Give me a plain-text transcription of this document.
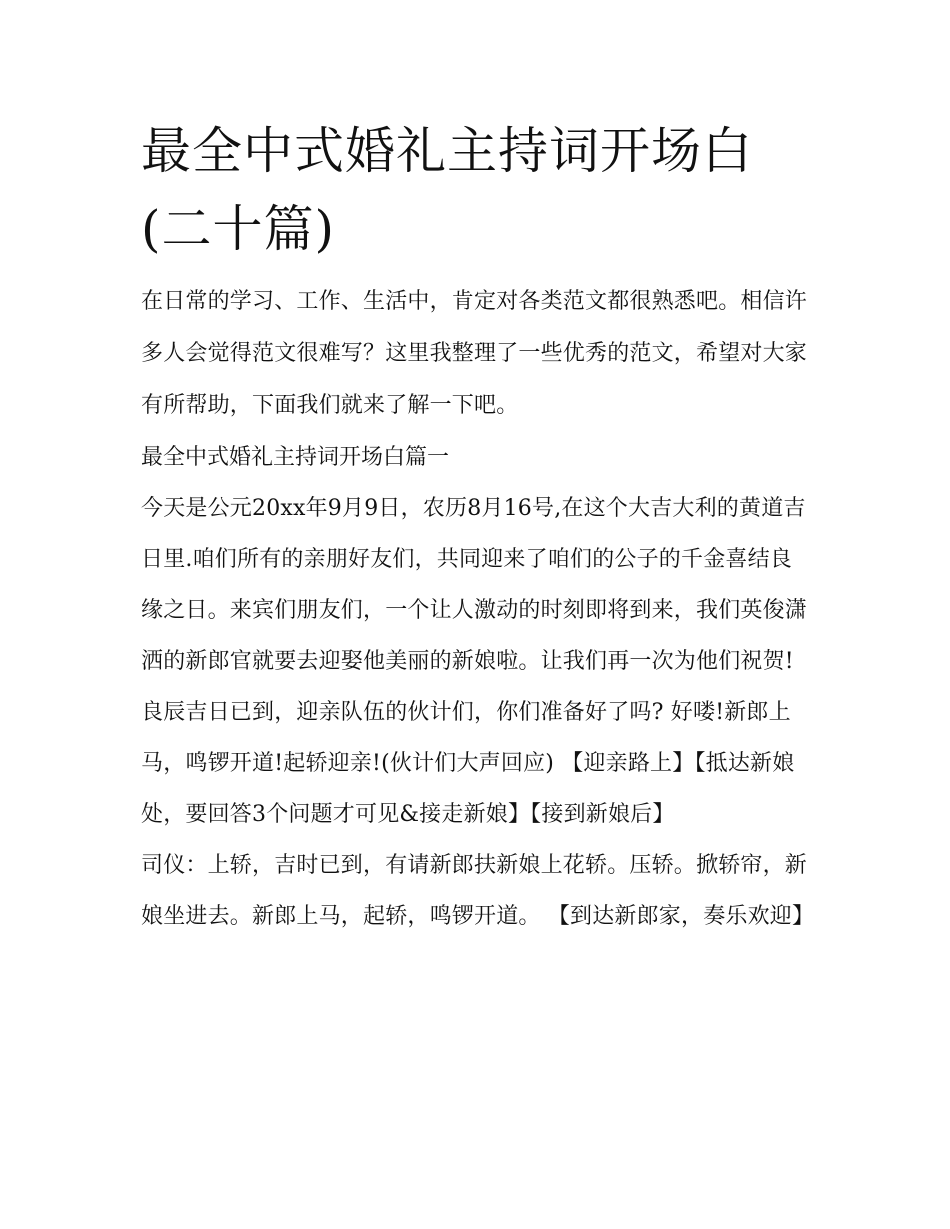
最全中式婚礼主持词开场白(二十篇)

在日常的学习、工作、生活中，肯定对各类范文都很熟悉吧。相信许多人会觉得范文很难写？这里我整理了一些优秀的范文，希望对大家有所帮助，下面我们就来了解一下吧。

最全中式婚礼主持词开场白篇一

今天是公元20xx年9月9日，农历8月16号,在这个大吉大利的黄道吉日里.咱们所有的亲朋好友们，共同迎来了咱们的公子的千金喜结良缘之日。来宾们朋友们，一个让人激动的时刻即将到来，我们英俊潇洒的新郎官就要去迎娶他美丽的新娘啦。让我们再一次为他们祝贺!

良辰吉日已到，迎亲队伍的伙计们，你们准备好了吗? 好喽!新郎上马，鸣锣开道!起轿迎亲!(伙计们大声回应) 【迎亲路上】【抵达新娘处，要回答3个问题才可见&接走新娘】【接到新娘后】

司仪：上轿，吉时已到，有请新郎扶新娘上花轿。压轿。掀轿帘，新娘坐进去。新郎上马，起轿，鸣锣开道。 【到达新郎家，奏乐欢迎】
